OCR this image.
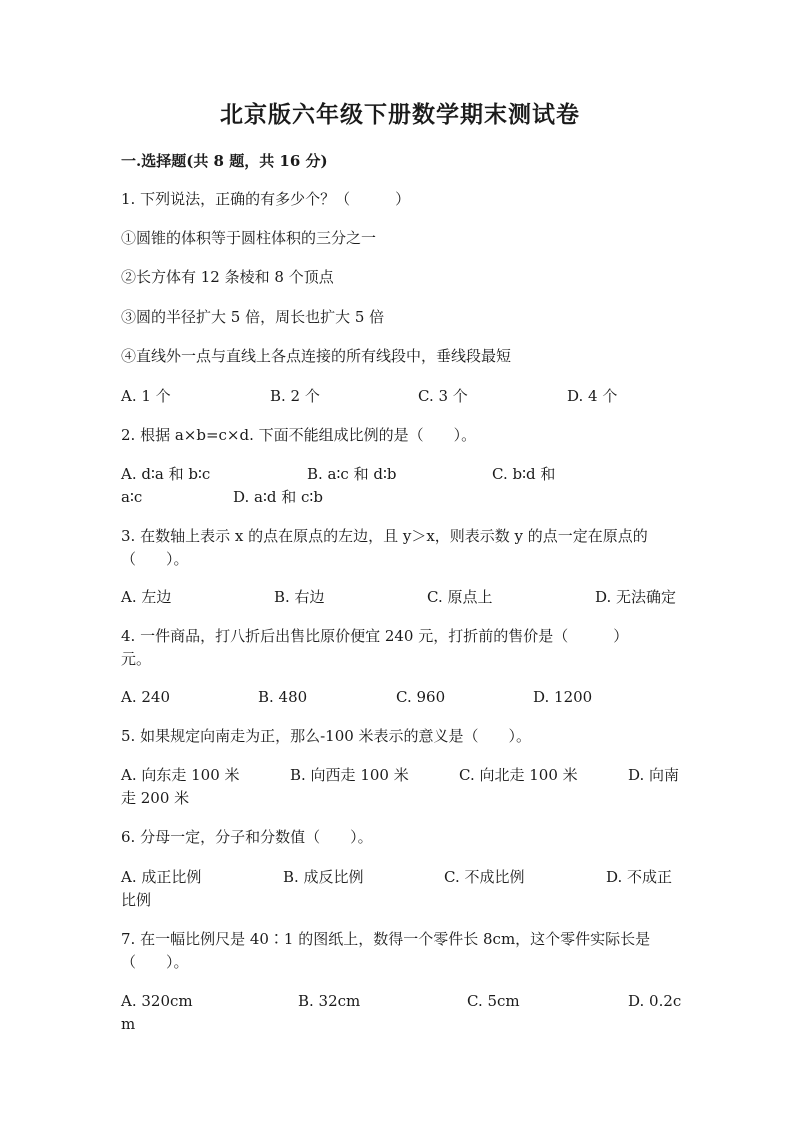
北京版六年级下册数学期末测试卷
一.选择题(共 8 题，共 16 分)
1. 下列说法，正确的有多少个？（　　　）
①圆锥的体积等于圆柱体积的三分之一
②长方体有 12 条棱和 8 个顶点
③圆的半径扩大 5 倍，周长也扩大 5 倍
④直线外一点与直线上各点连接的所有线段中，垂线段最短
A. 1 个	B. 2 个	C. 3 个	D. 4 个
2. 根据 a×b=c×d. 下面不能组成比例的是（　　）。
A. d∶a 和 b∶c	B. a∶c 和 d∶b	C. b∶d 和
a∶c	D. a∶d 和 c∶b
3. 在数轴上表示 x 的点在原点的左边，且 y＞x，则表示数 y 的点一定在原点的
（　　）。
A. 左边	B. 右边	C. 原点上	D. 无法确定
4. 一件商品，打八折后出售比原价便宜 240 元，打折前的售价是（　　　）
元。
A. 240	B. 480	C. 960	D. 1200
5. 如果规定向南走为正，那么-100 米表示的意义是（　　）。
A. 向东走 100 米	B. 向西走 100 米	C. 向北走 100 米	D. 向南
走 200 米
6. 分母一定，分子和分数值（　　）。
A. 成正比例	B. 成反比例	C. 不成比例	D. 不成正
比例
7. 在一幅比例尺是 40∶1 的图纸上，数得一个零件长 8cm，这个零件实际长是
（　　）。
A. 320cm	B. 32cm	C. 5cm	D. 0.2c
m
